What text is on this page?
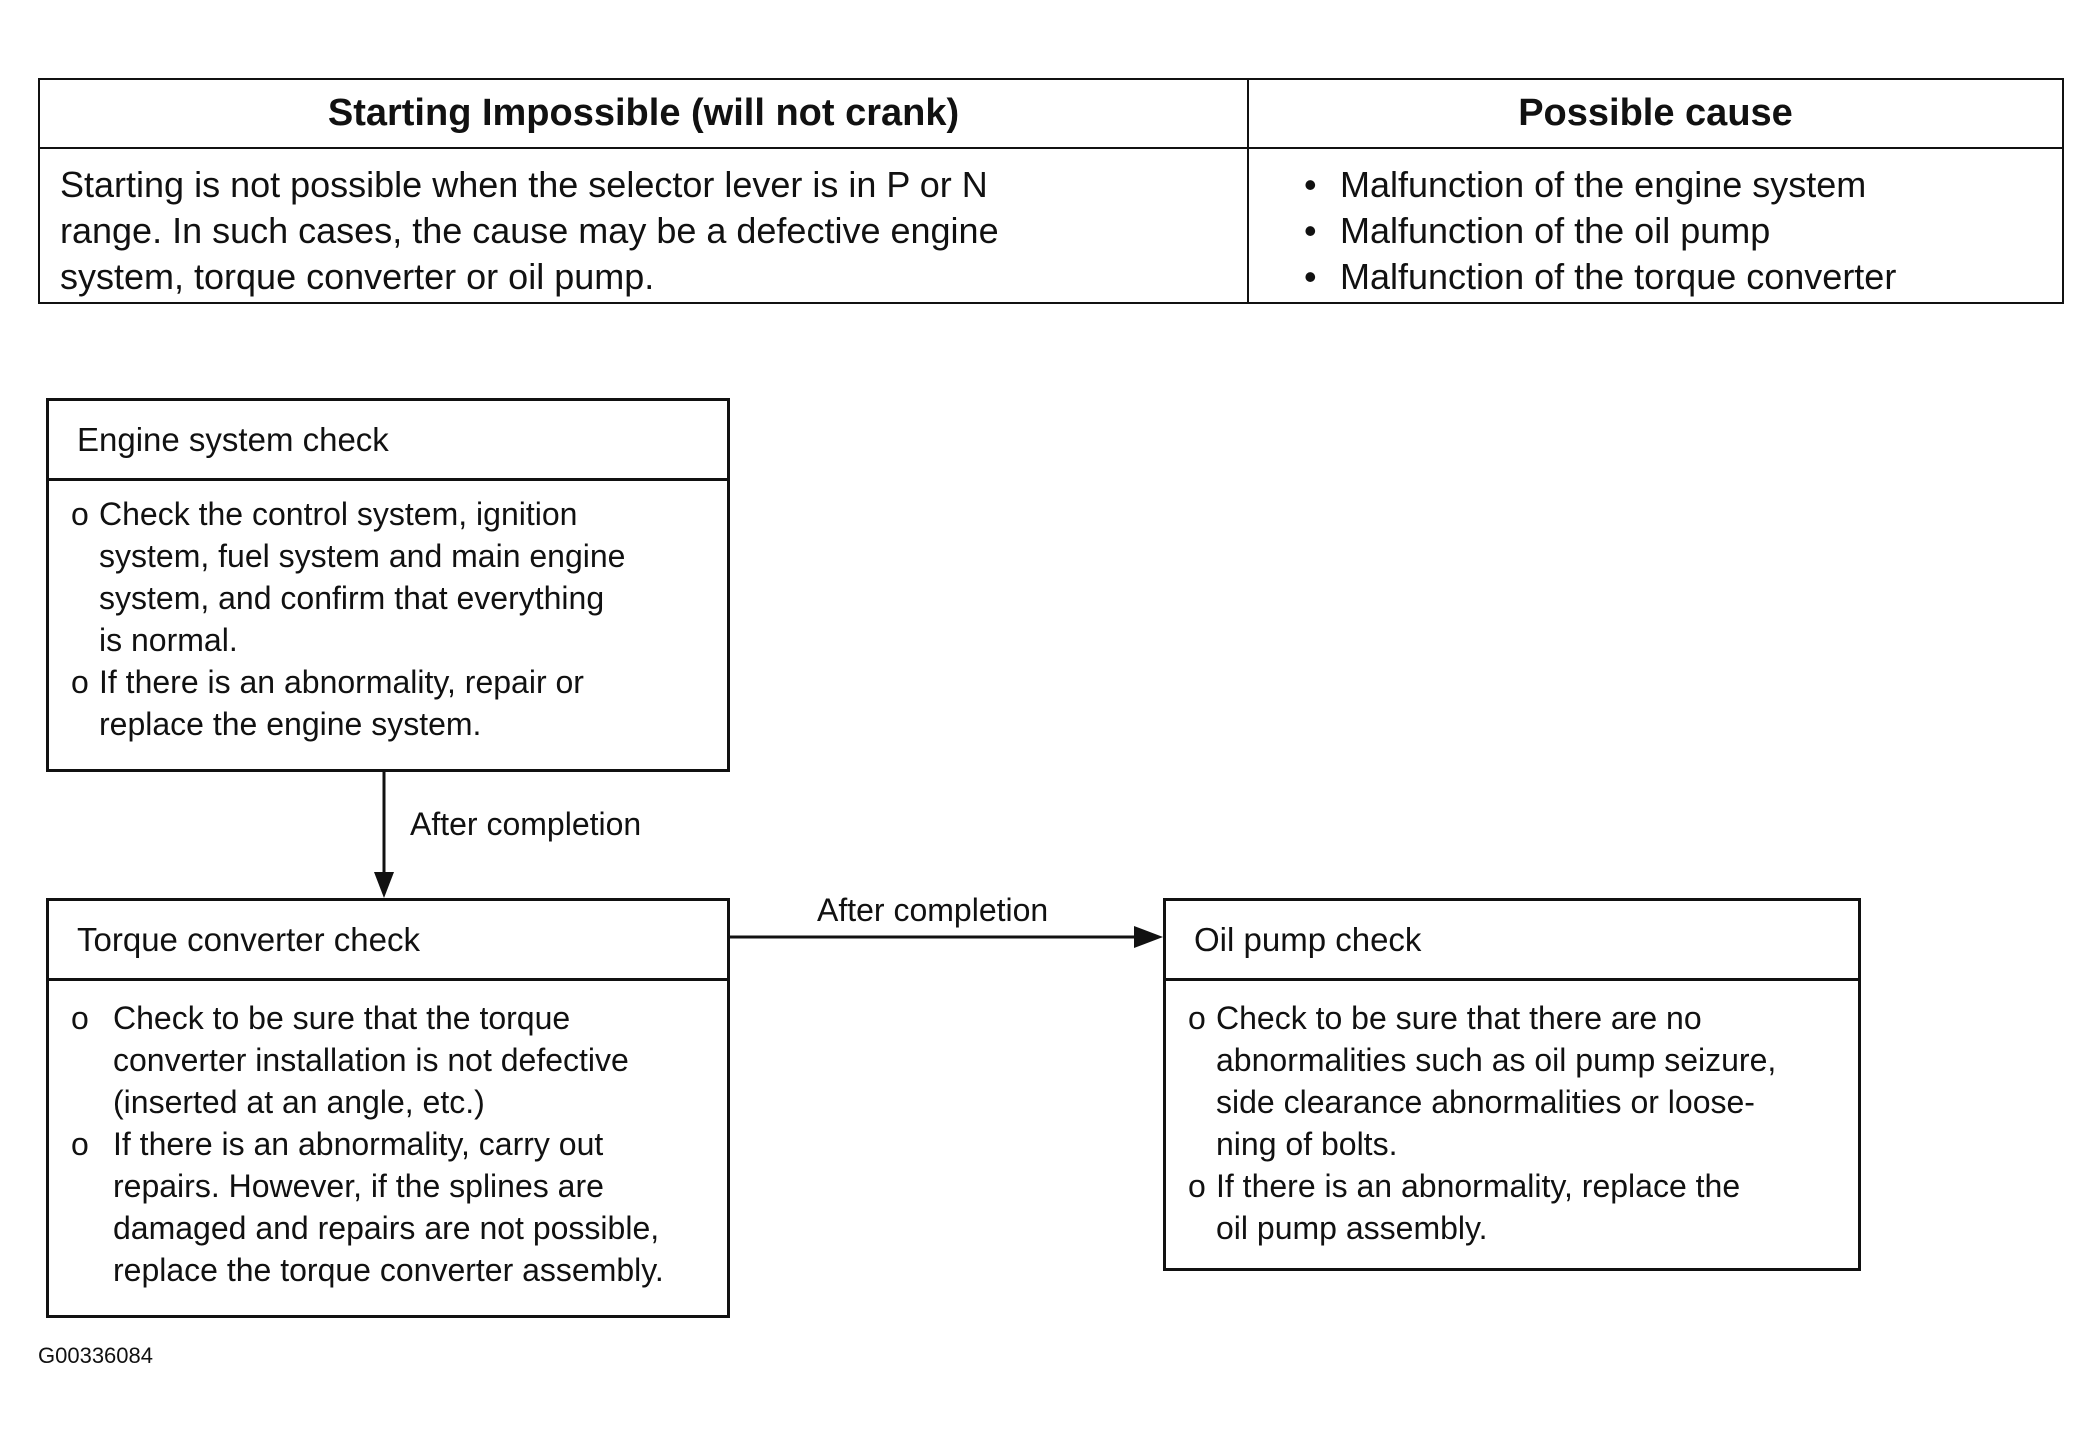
Starting Impossible (will not crank)	Possible cause
Starting is not possible when the selector lever is in P or N
range. In such cases, the cause may be a defective engine
system, torque converter or oil pump.
• Malfunction of the engine system
• Malfunction of the oil pump
• Malfunction of the torque converter
Engine system check
o Check the control system, ignition
system, fuel system and main engine
system, and confirm that everything
is normal.
o If there is an abnormality, repair or
replace the engine system.
After completion
Torque converter check
o Check to be sure that the torque
converter installation is not defective
(inserted at an angle, etc.)
o If there is an abnormality, carry out
repairs. However, if the splines are
damaged and repairs are not possible,
replace the torque converter assembly.
After completion
Oil pump check
o Check to be sure that there are no
abnormalities such as oil pump seizure,
side clearance abnormalities or loose-
ning of bolts.
o If there is an abnormality, replace the
oil pump assembly.
G00336084
